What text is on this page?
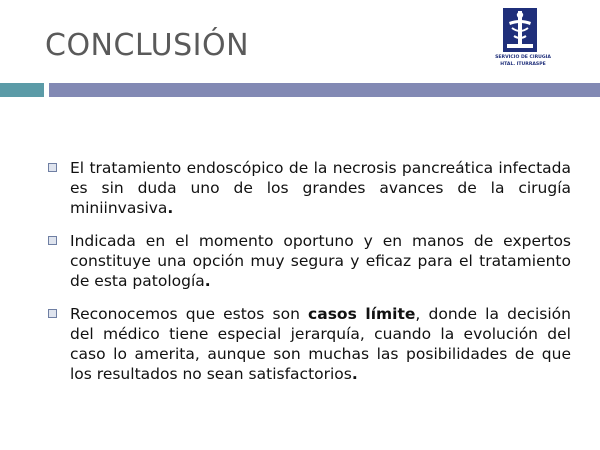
CONCLUSIÓN	SERVICIO DE CIRUGIA
HTAL. ITURRASPE
El tratamiento endoscópico de la necrosis pancreática infectada es sin duda uno de los grandes avances de la cirugía miniinvasiva.
Indicada en el momento oportuno y en manos de expertos constituye una opción muy segura y eficaz para el tratamiento de esta patología.
Reconocemos que estos son casos límite, donde la decisión del médico tiene especial jerarquía, cuando la evolución del caso lo amerita, aunque son muchas las posibilidades de que los resultados no sean satisfactorios.
